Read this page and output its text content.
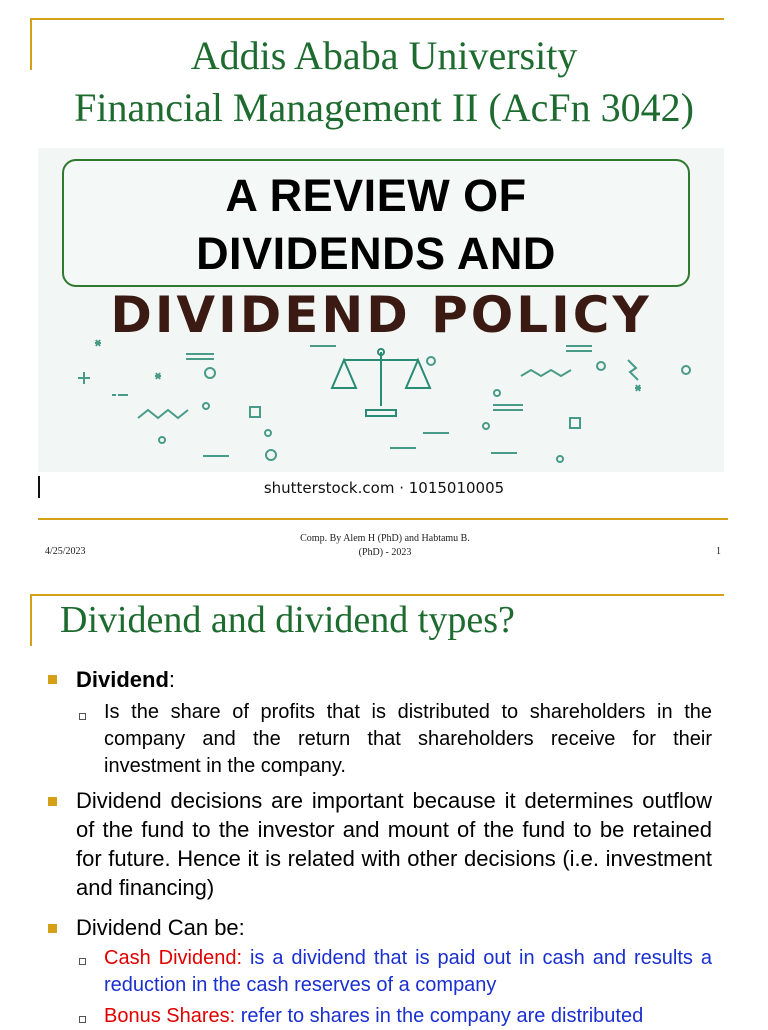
Addis Ababa University
Financial Management II (AcFn 3042)
A REVIEW OF
DIVIDENDS AND
DIVIDEND POLICY
shutterstock.com · 1015010005
4/25/2023
Comp. By Alem H (PhD) and Habtamu B.
(PhD) - 2023	1
Dividend and dividend types?
Dividend:
Is the share of profits that is distributed to shareholders in the company and the return that shareholders receive for their investment in the company.
Dividend decisions are important because it determines outflow of the fund to the investor and mount of the fund to be retained for future. Hence it is related with other decisions (i.e. investment and financing)
Dividend Can be:
Cash Dividend: is a dividend that is paid out in cash and results a reduction in the cash reserves of a company
Bonus Shares: refer to shares in the company are distributed
